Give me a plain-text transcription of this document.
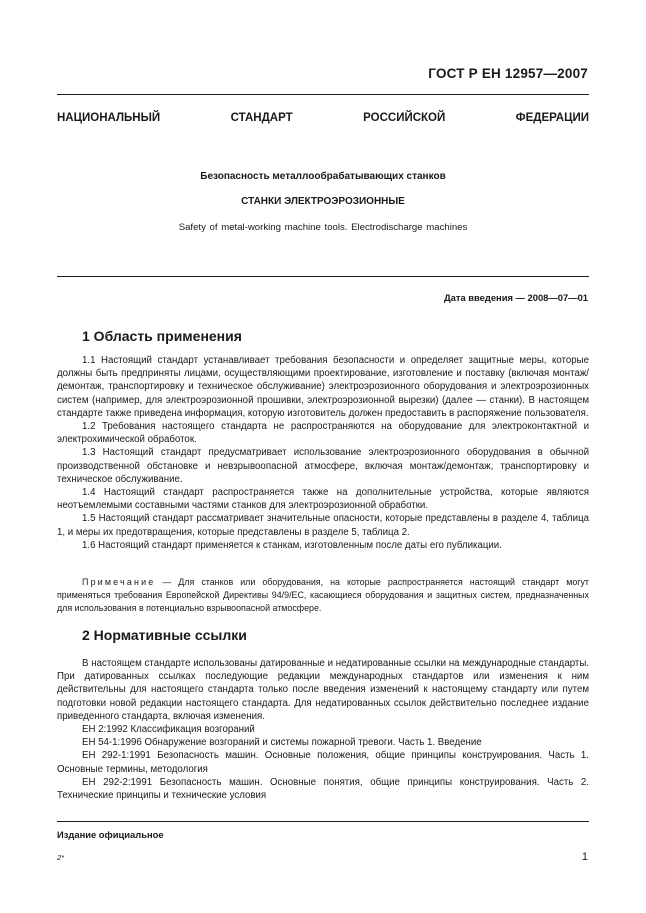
ГОСТ Р ЕН 12957—2007
НАЦИОНАЛЬНЫЙ	СТАНДАРТ	РОССИЙСКОЙ	ФЕДЕРАЦИИ
Безопасность металлообрабатывающих станков
СТАНКИ ЭЛЕКТРОЭРОЗИОННЫЕ
Safety of metal-working machine tools. Electrodischarge machines
Дата введения — 2008—07—01
1 Область применения

1.1 Настоящий стандарт устанавливает требования безопасности и определяет защитные меры, которые должны быть предприняты лицами, осуществляющими проектирование, изготовление и поставку (включая монтаж/демонтаж, транспортировку и техническое обслуживание) электроэрозионного оборудования и электроэрозионных систем (например, для электроэрозионной прошивки, электроэрозионной вырезки) (далее — станки). В настоящем стандарте также приведена информация, которую изготовитель должен предоставить в распоряжение пользователя.

1.2 Требования настоящего стандарта не распространяются на оборудование для электроконтактной и электрохимической обработок.

1.3 Настоящий стандарт предусматривает использование электроэрозионного оборудования в обычной производственной обстановке и невзрывоопасной атмосфере, включая монтаж/демонтаж, транспортировку и техническое обслуживание.

1.4 Настоящий стандарт распространяется также на дополнительные устройства, которые являются неотъемлемыми составными частями станков для электроэрозионной обработки.

1.5 Настоящий стандарт рассматривает значительные опасности, которые представлены в разделе 4, таблица 1, и меры их предотвращения, которые представлены в разделе 5, таблица 2.

1.6 Настоящий стандарт применяется к станкам, изготовленным после даты его публикации.

Примечание — Для станков или оборудования, на которые распространяется настоящий стандарт могут применяться требования Европейской Директивы 94/9/ЕС, касающиеся оборудования и защитных систем, предназначенных для использования в потенциально взрывоопасной атмосфере.

2 Нормативные ссылки

В настоящем стандарте использованы датированные и недатированные ссылки на международные стандарты. При датированных ссылках последующие редакции международных стандартов или изменения к ним действительны для настоящего стандарта только после введения изменений к настоящему стандарту или путем подготовки новой редакции настоящего стандарта. Для недатированных ссылок действительно последнее издание приведенного стандарта, включая изменения.

ЕН 2:1992 Классификация возгораний

ЕН 54-1:1996 Обнаружение возгораний и системы пожарной тревоги. Часть 1. Введение

ЕН 292-1:1991 Безопасность машин. Основные положения, общие принципы конструирования. Часть 1. Основные термины, методология

ЕН 292-2:1991 Безопасность машин. Основные понятия, общие принципы конструирования. Часть 2. Технические принципы и технические условия

Издание официальное
2*	1
